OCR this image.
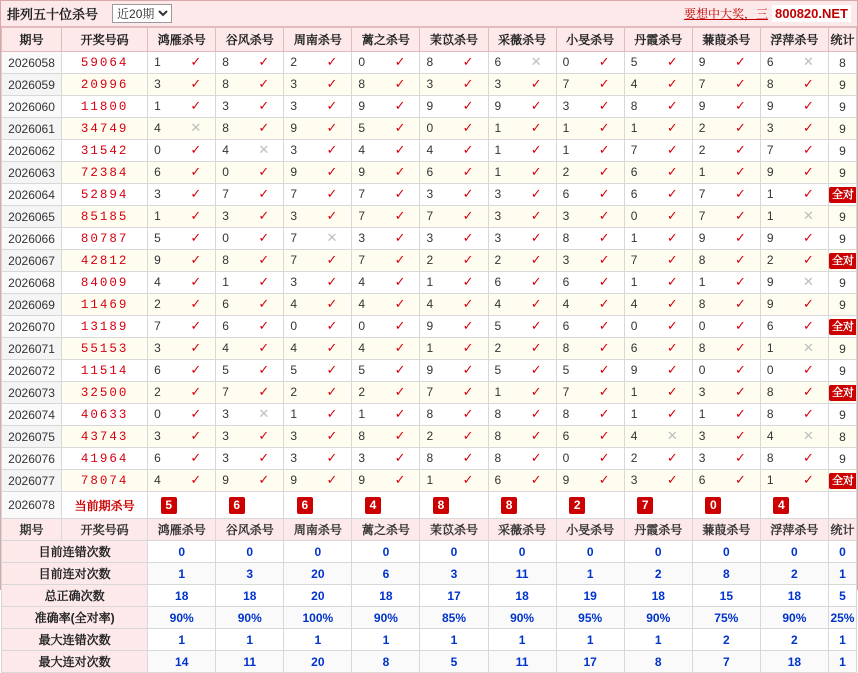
排列五十位杀号
近20期	要想中大奖，三 800820.NET
期号	开奖号码	鸿雁杀号	谷风杀号	周南杀号	蓠之杀号	茉苡杀号	采薇杀号	小旻杀号	丹霞杀号	蒹葭杀号	浮萍杀号	统计
2026058	59064	1 ✓	8 ✓	2 ✓	0 ✓	8 ✓	6 ✕	0 ✓	5 ✓	9 ✓	6 ✕	8
2026059	20996	3 ✓	8 ✓	3 ✓	8 ✓	3 ✓	3 ✓	7 ✓	4 ✓	7 ✓	8 ✓	9
2026060	11800	1 ✓	3 ✓	3 ✓	9 ✓	9 ✓	9 ✓	3 ✓	8 ✓	9 ✓	9 ✓	9
2026061	34749	4 ✕	8 ✓	9 ✓	5 ✓	0 ✓	1 ✓	1 ✓	1 ✓	2 ✓	3 ✓	9
2026062	31542	0 ✓	4 ✕	3 ✓	4 ✓	4 ✓	1 ✓	1 ✓	7 ✓	2 ✓	7 ✓	9
2026063	72384	6 ✓	0 ✓	9 ✓	9 ✓	6 ✓	1 ✓	2 ✓	6 ✓	1 ✓	9 ✓	9
2026064	52894	3 ✓	7 ✓	7 ✓	7 ✓	3 ✓	3 ✓	6 ✓	6 ✓	7 ✓	1 ✓	全对
2026065	85185	1 ✓	3 ✓	3 ✓	7 ✓	7 ✓	3 ✓	3 ✓	0 ✓	7 ✓	1 ✕	9
2026066	80787	5 ✓	0 ✓	7 ✕	3 ✓	3 ✓	3 ✓	8 ✓	1 ✓	9 ✓	9 ✓	9
2026067	42812	9 ✓	8 ✓	7 ✓	7 ✓	2 ✓	2 ✓	3 ✓	7 ✓	8 ✓	2 ✓	全对
2026068	84009	4 ✓	1 ✓	3 ✓	4 ✓	1 ✓	6 ✓	6 ✓	1 ✓	1 ✓	9 ✕	9
2026069	11469	2 ✓	6 ✓	4 ✓	4 ✓	4 ✓	4 ✓	4 ✓	4 ✓	8 ✓	9 ✓	9
2026070	13189	7 ✓	6 ✓	0 ✓	0 ✓	9 ✓	5 ✓	6 ✓	0 ✓	0 ✓	6 ✓	全对
2026071	55153	3 ✓	4 ✓	4 ✓	4 ✓	1 ✓	2 ✓	8 ✓	6 ✓	8 ✓	1 ✕	9
2026072	11514	6 ✓	5 ✓	5 ✓	5 ✓	9 ✓	5 ✓	5 ✓	9 ✓	0 ✓	0 ✓	9
2026073	32500	2 ✓	7 ✓	2 ✓	2 ✓	7 ✓	1 ✓	7 ✓	1 ✓	3 ✓	8 ✓	全对
2026074	40633	0 ✓	3 ✕	1 ✓	1 ✓	8 ✓	8 ✓	8 ✓	1 ✓	1 ✓	8 ✓	9
2026075	43743	3 ✓	3 ✓	3 ✓	8 ✓	2 ✓	8 ✓	6 ✓	4 ✕	3 ✓	4 ✕	8
2026076	41964	6 ✓	3 ✓	3 ✓	3 ✓	8 ✓	8 ✓	0 ✓	2 ✓	3 ✓	8 ✓	9
2026077	78074	4 ✓	9 ✓	9 ✓	9 ✓	1 ✓	6 ✓	9 ✓	3 ✓	6 ✓	1 ✓	全对
2026078	当前期杀号	5	6	6	4	8	8	2	7	0	4	
期号	开奖号码	鸿雁杀号	谷风杀号	周南杀号	蓠之杀号	茉苡杀号	采薇杀号	小旻杀号	丹霞杀号	蒹葭杀号	浮萍杀号	统计
目前连错次数		0	0	0	0	0	0	0	0	0	0	0
目前连对次数		1	3	20	6	3	11	1	2	8	2	1
总正确次数		18	18	20	18	17	18	19	18	15	18	5
准确率(全对率)		90%	90%	100%	90%	85%	90%	95%	90%	75%	90%	25%
最大连错次数		1	1	1	1	1	1	1	1	2	2	1
最大连对次数		14	11	20	8	5	11	17	8	7	18	1
